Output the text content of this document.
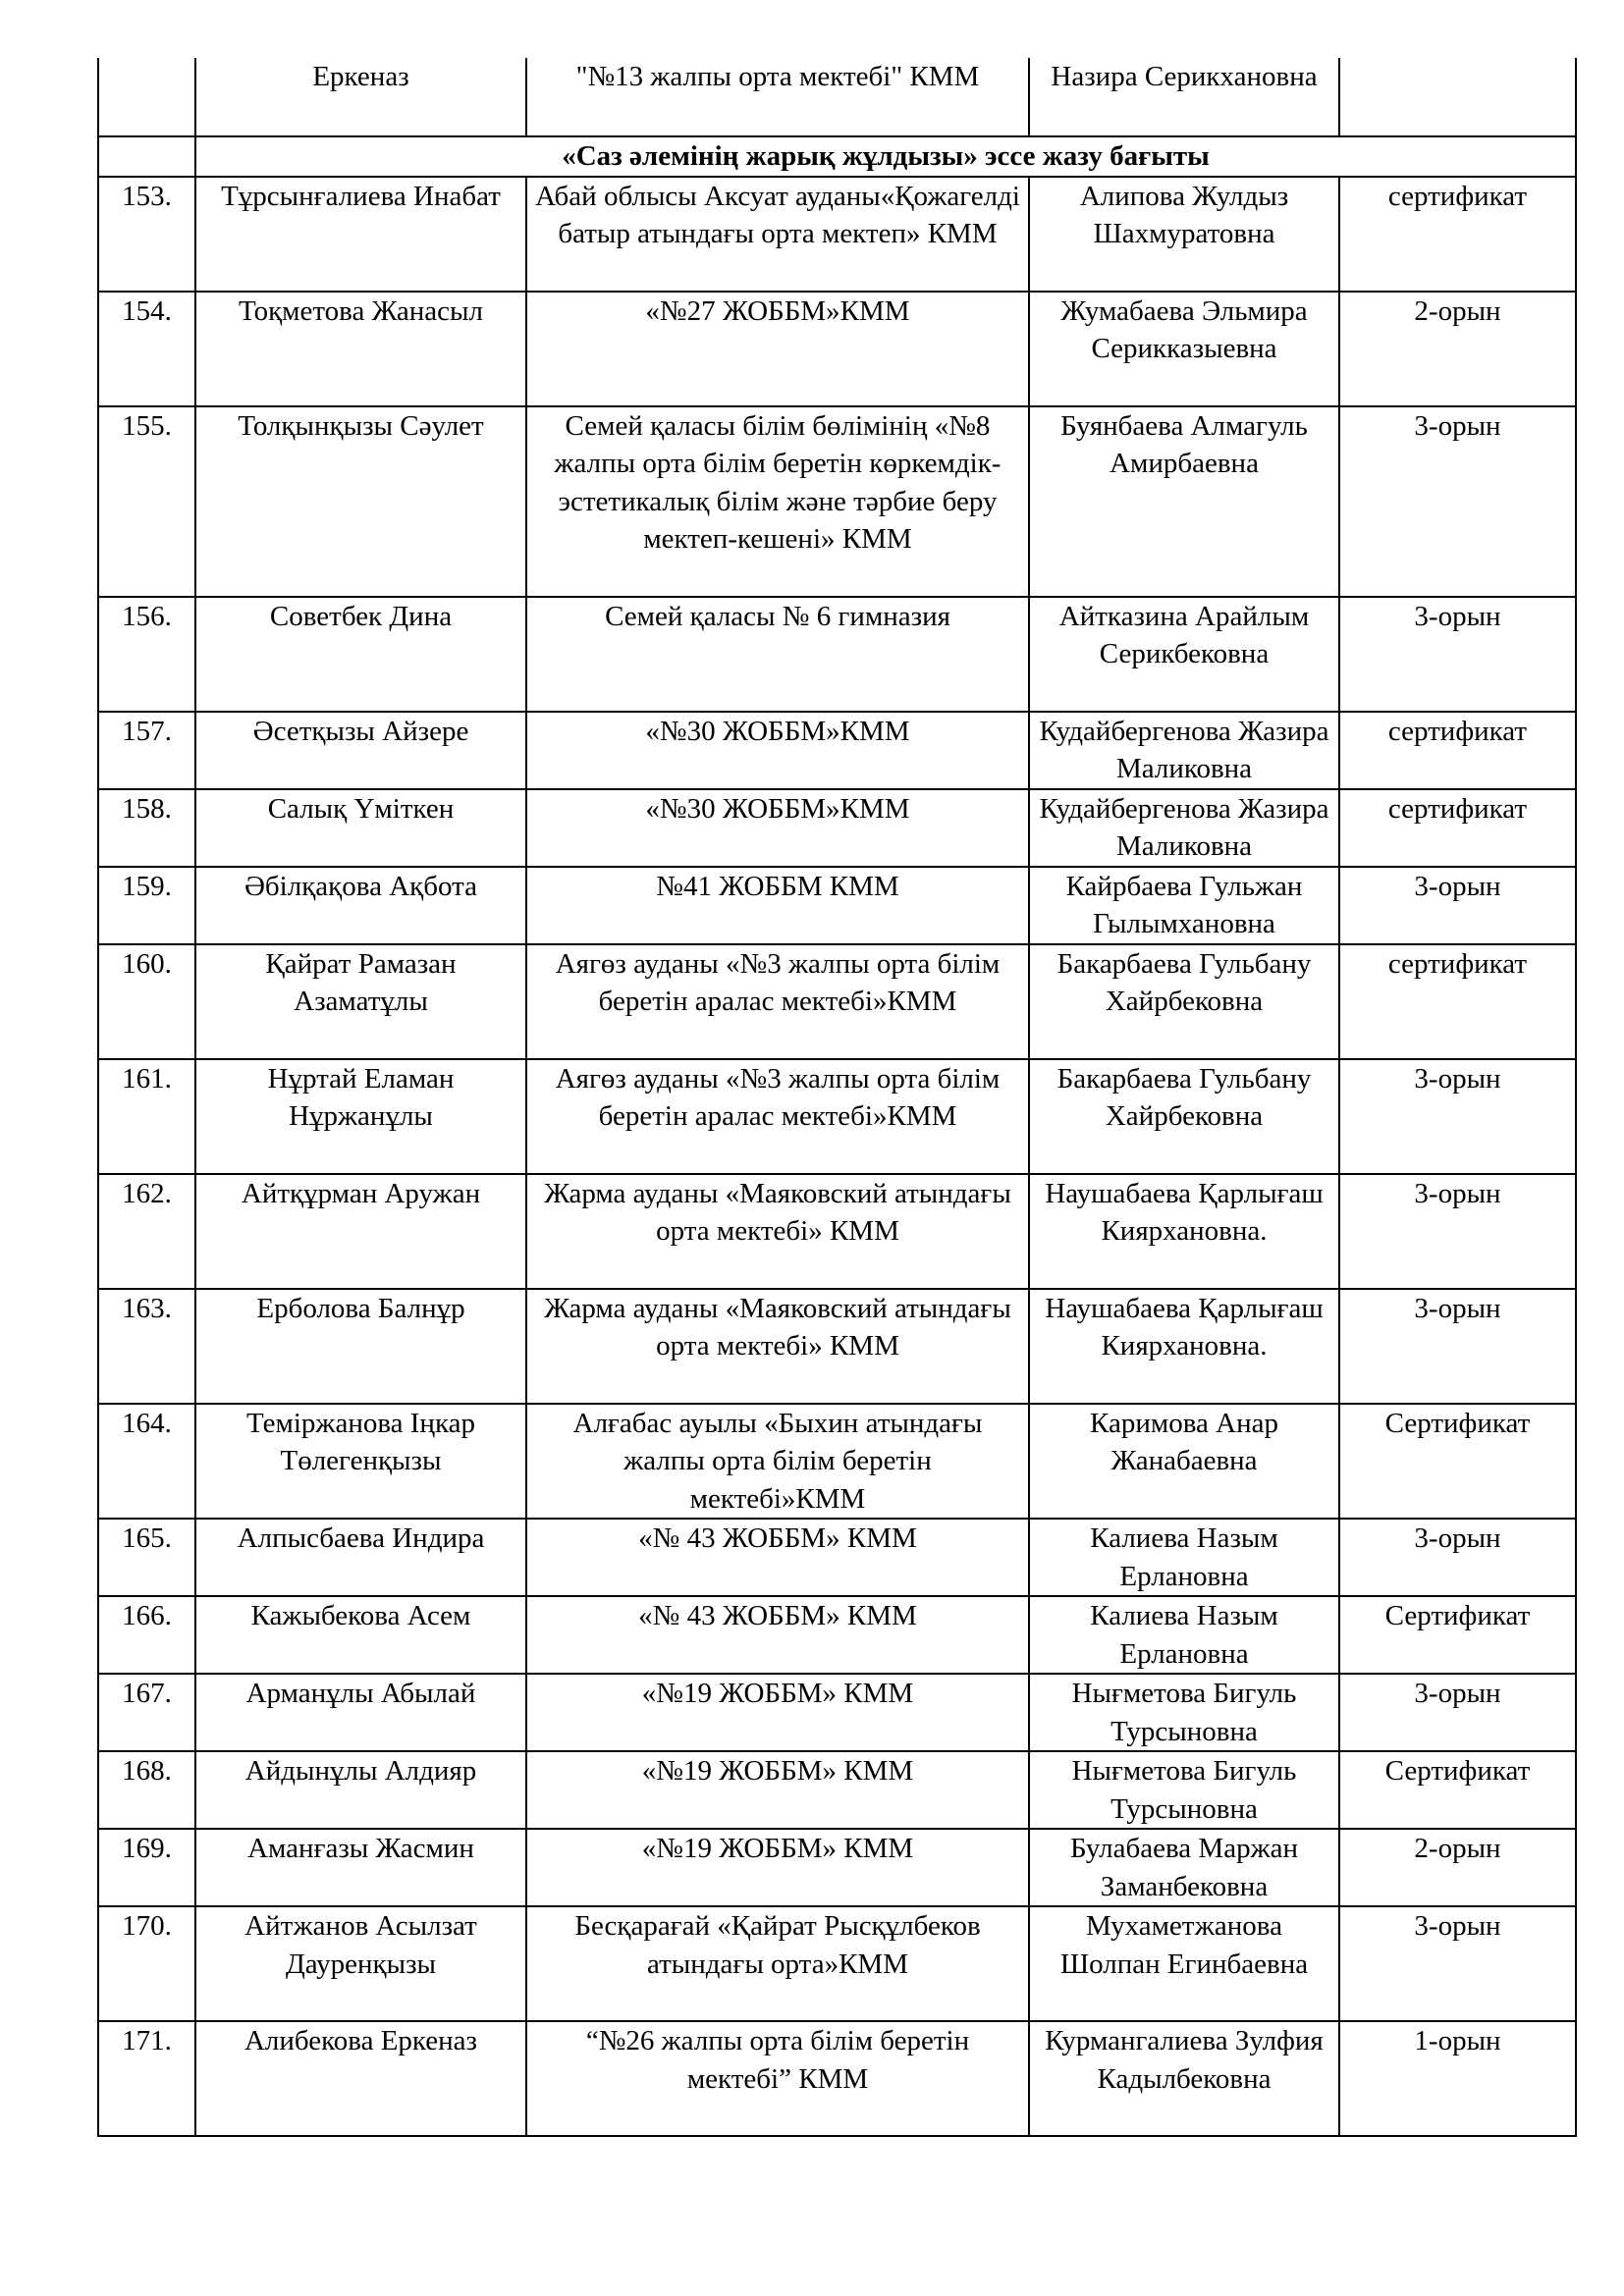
	Еркеназ	"№13 жалпы орта мектебі" КММ	Назира Серикхановна	
	«Саз әлемінің жарық жұлдызы» эссе жазу бағыты			
153.	Тұрсынғалиева Инабат	Абай облысы Аксуат ауданы«Қожагелді батыр атындағы орта мектеп» КММ	Алипова Жулдыз Шахмуратовна	сертификат
154.	Тоқметова Жанасыл	«№27 ЖОББМ»КММ	Жумабаева Эльмира Серикказыевна	2-орын
155.	Толқынқызы Сәулет	Семей қаласы білім бөлімінің «№8 жалпы орта білім беретін көркемдік-эстетикалық білім және тәрбие беру мектеп-кешені» КММ	Буянбаева Алмагуль Амирбаевна	3-орын
156.	Советбек Дина	Семей қаласы № 6 гимназия	Айтказина Арайлым Серикбековна	3-орын
157.	Әсетқызы Айзере	«№30 ЖОББМ»КММ	Кудайбергенова Жазира Маликовна	сертификат
158.	Салық Үміткен	«№30 ЖОББМ»КММ	Кудайбергенова Жазира Маликовна	сертификат
159.	Әбілқақова Ақбота	№41 ЖОББМ КММ	Кайрбаева Гульжан Гылымхановна	3-орын
160.	Қайрат Рамазан Азаматұлы	Аягөз ауданы «№3 жалпы орта білім беретін аралас мектебі»КММ	Бакарбаева Гульбану Хайрбековна	сертификат
161.	Нұртай Еламан Нұржанұлы	Аягөз ауданы «№3 жалпы орта білім беретін аралас мектебі»КММ	Бакарбаева Гульбану Хайрбековна	3-орын
162.	Айтқұрман Аружан	Жарма ауданы «Маяковский атындағы орта мектебі» КММ	Наушабаева Қарлығаш Киярхановна.	3-орын
163.	Ерболова Балнұр	Жарма ауданы «Маяковский атындағы орта мектебі» КММ	Наушабаева Қарлығаш Киярхановна.	3-орын
164.	Теміржанова Іңкар Төлегенқызы	Алғабас ауылы «Быхин атындағы жалпы орта білім беретін мектебі»КММ	Каримова Анар Жанабаевна	Сертификат
165.	Алпысбаева Индира	«№ 43 ЖОББМ» КММ	Калиева Назым Ерлановна	3-орын
166.	Кажыбекова Асем	«№ 43 ЖОББМ» КММ	Калиева Назым Ерлановна	Сертификат
167.	Арманұлы Абылай	«№19 ЖОББМ» КММ	Нығметова Бигуль Турсыновна	3-орын
168.	Айдынұлы Алдияр	«№19 ЖОББМ» КММ	Нығметова Бигуль Турсыновна	Сертификат
169.	Аманғазы Жасмин	«№19 ЖОББМ» КММ	Булабаева Маржан Заманбековна	2-орын
170.	Айтжанов Асылзат Дауренқызы	Бесқарағай «Қайрат Рысқұлбеков атындағы орта»КММ	Мухаметжанова Шолпан Егинбаевна	3-орын
171.	Алибекова Еркеназ	“№26 жалпы орта білім беретін мектебі” КММ	Курмангалиева Зулфия Кадылбековна	1-орын
